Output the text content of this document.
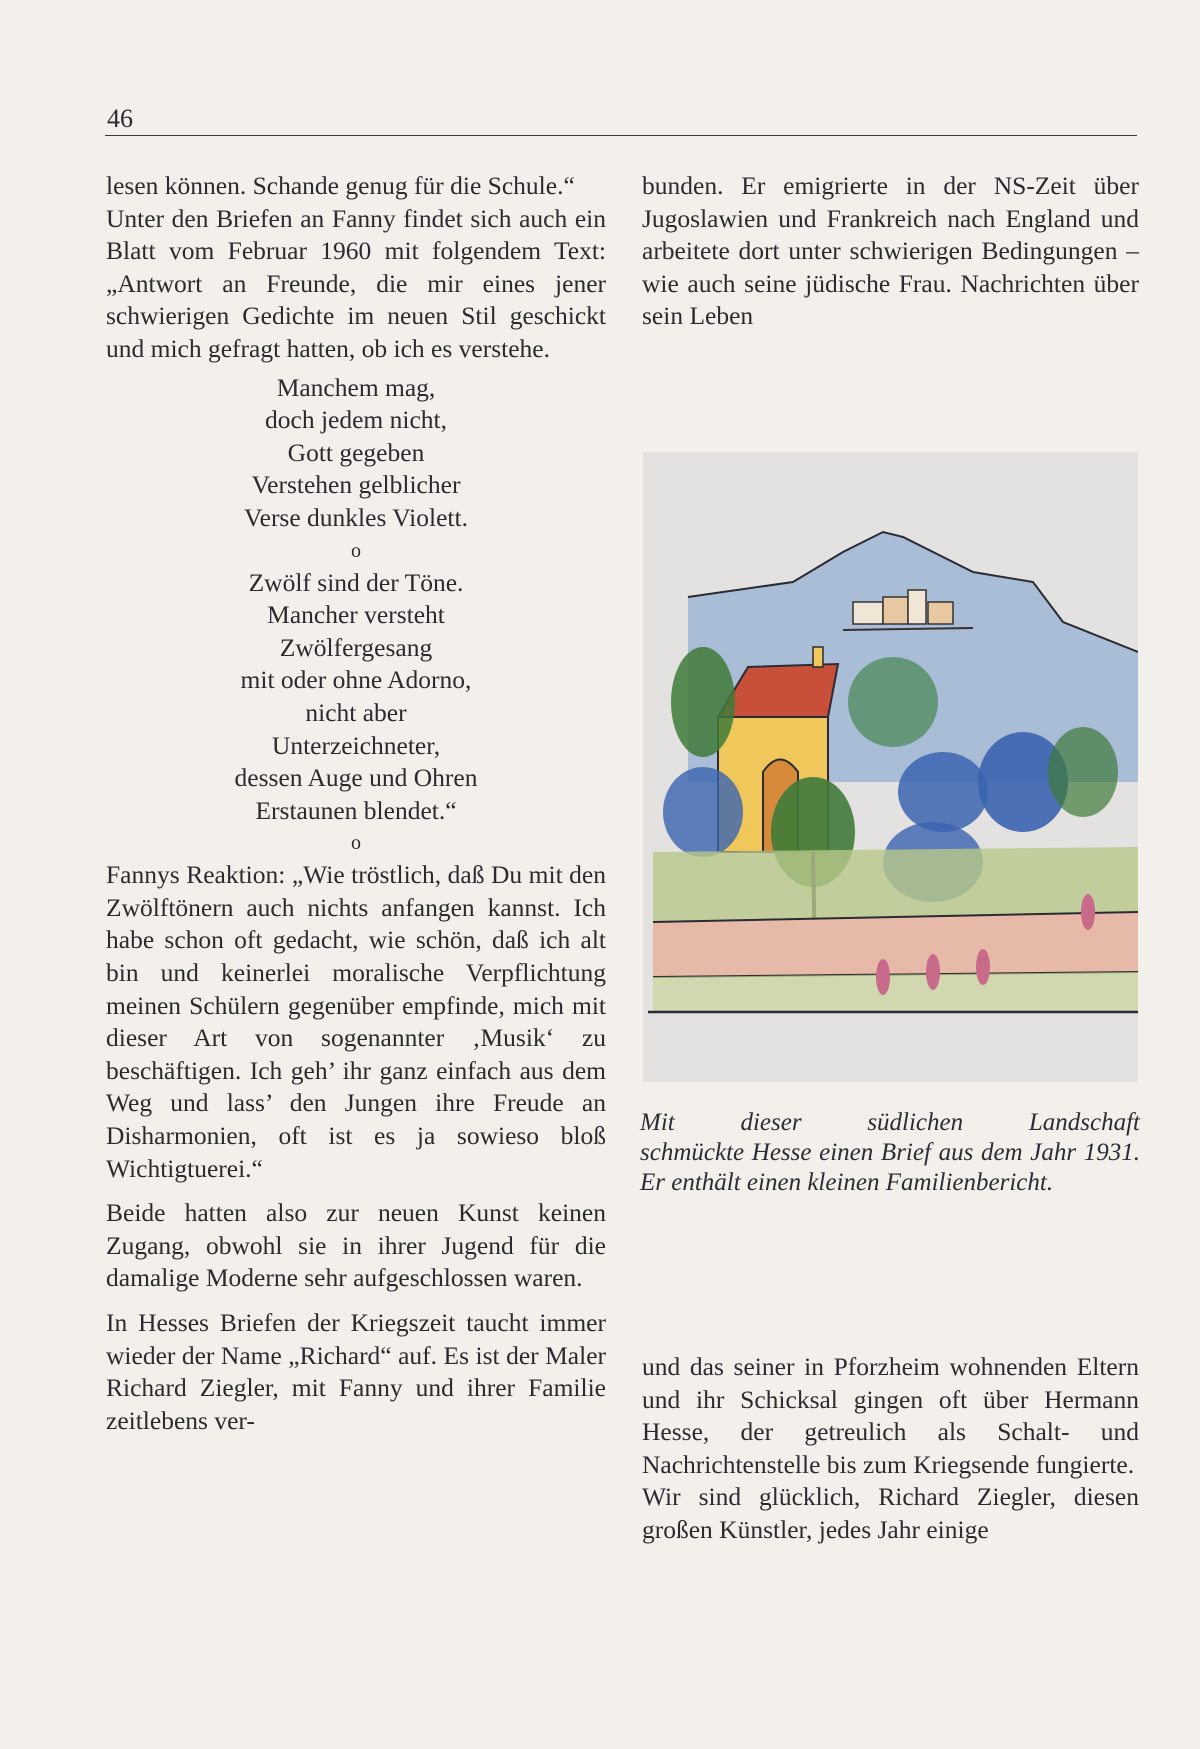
46

lesen können. Schande genug für die Schule.“

Unter den Briefen an Fanny findet sich auch ein Blatt vom Februar 1960 mit folgendem Text: „Antwort an Freunde, die mir eines jener schwierigen Gedichte im neuen Stil geschickt und mich gefragt hatten, ob ich es verstehe.

Manchem mag,
doch jedem nicht,
Gott gegeben
Verstehen gelblicher
Verse dunkles Violett.
o
Zwölf sind der Töne.
Mancher versteht
Zwölfergesang
mit oder ohne Adorno,
nicht aber
Unterzeichneter,
dessen Auge und Ohren
Erstaunen blendet.“
o

Fannys Reaktion: „Wie tröstlich, daß Du mit den Zwölftönern auch nichts anfangen kannst. Ich habe schon oft gedacht, wie schön, daß ich alt bin und keinerlei moralische Verpflichtung meinen Schülern gegenüber empfinde, mich mit dieser Art von sogenannter ‚Musik‘ zu beschäftigen. Ich geh’ ihr ganz einfach aus dem Weg und lass’ den Jungen ihre Freude an Disharmonien, oft ist es ja sowieso bloß Wichtigtuerei.“

Beide hatten also zur neuen Kunst keinen Zugang, obwohl sie in ihrer Jugend für die damalige Moderne sehr aufgeschlossen waren.

In Hesses Briefen der Kriegszeit taucht immer wieder der Name „Richard“ auf. Es ist der Maler Richard Ziegler, mit Fanny und ihrer Familie zeitlebens ver-

bunden. Er emigrierte in der NS-Zeit über Jugoslawien und Frankreich nach England und arbeitete dort unter schwierigen Bedingungen – wie auch seine jüdische Frau. Nachrichten über sein Leben

Mit dieser südlichen Landschaft
schmückte Hesse einen Brief aus dem Jahr 1931. Er enthält einen kleinen Familienbericht.

und das seiner in Pforzheim wohnenden Eltern und ihr Schicksal gingen oft über Hermann Hesse, der getreulich als Schalt- und Nachrichtenstelle bis zum Kriegsende fungierte.

Wir sind glücklich, Richard Ziegler, diesen großen Künstler, jedes Jahr einige
